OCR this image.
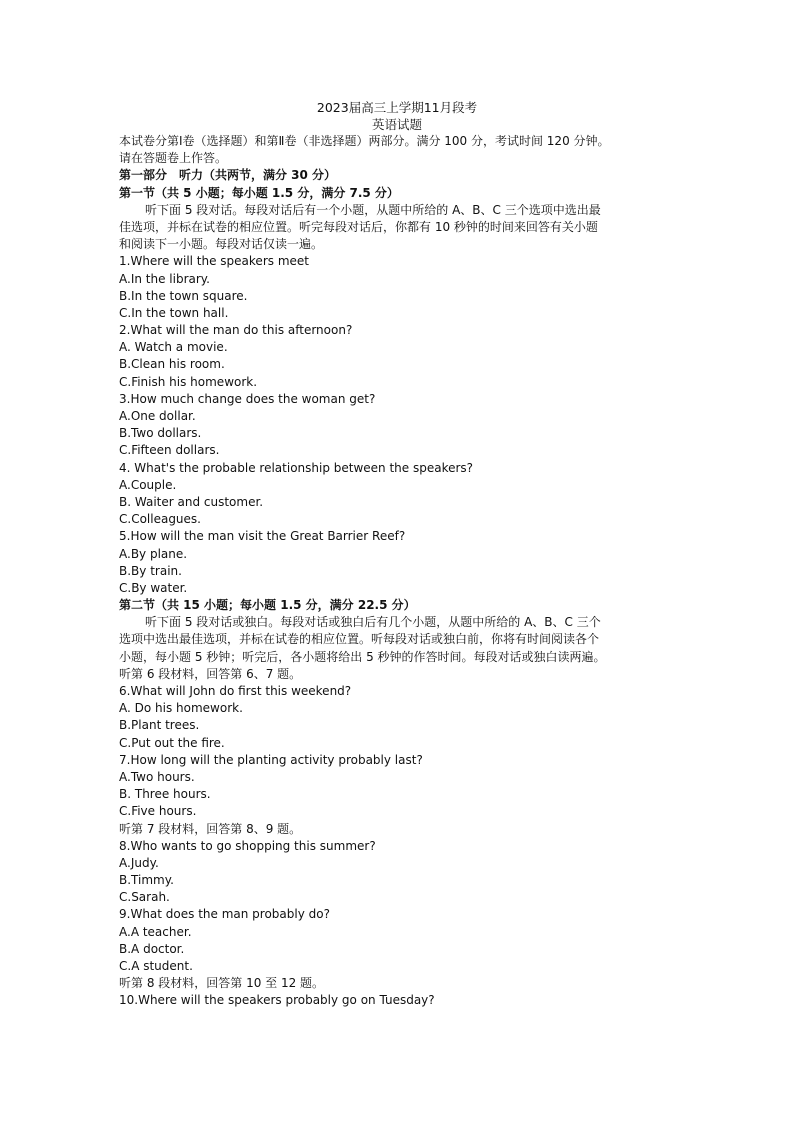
2023届高三上学期11月段考
英语试题
本试卷分第Ⅰ卷（选择题）和第Ⅱ卷（非选择题）两部分。满分 100 分，考试时间 120 分钟。
请在答题卷上作答。
第一部分　听力（共两节，满分 30 分）
第一节（共 5 小题；每小题 1.5 分，满分 7.5 分）
听下面 5 段对话。每段对话后有一个小题，从题中所给的 A、B、C 三个选项中选出最
佳选项，并标在试卷的相应位置。听完每段对话后，你都有 10 秒钟的时间来回答有关小题
和阅读下一小题。每段对话仅读一遍。
1.Where will the speakers meet
A.In the library.
B.In the town square.
C.In the town hall.
2.What will the man do this afternoon?
A. Watch a movie.
B.Clean his room.
C.Finish his homework.
3.How much change does the woman get?
A.One dollar.
B.Two dollars.
C.Fifteen dollars.
4. What's the probable relationship between the speakers?
A.Couple.
B. Waiter and customer.
C.Colleagues.
5.How will the man visit the Great Barrier Reef?
A.By plane.
B.By train.
C.By water.
第二节（共 15 小题；每小题 1.5 分，满分 22.5 分）
听下面 5 段对话或独白。每段对话或独白后有几个小题，从题中所给的 A、B、C 三个
选项中选出最佳选项，并标在试卷的相应位置。听每段对话或独白前，你将有时间阅读各个
小题，每小题 5 秒钟；听完后，各小题将给出 5 秒钟的作答时间。每段对话或独白读两遍。
听第 6 段材料，回答第 6、7 题。
6.What will John do first this weekend?
A. Do his homework.
B.Plant trees.
C.Put out the fire.
7.How long will the planting activity probably last?
A.Two hours.
B. Three hours.
C.Five hours.
听第 7 段材料，回答第 8、9 题。
8.Who wants to go shopping this summer?
A.Judy.
B.Timmy.
C.Sarah.
9.What does the man probably do?
A.A teacher.
B.A doctor.
C.A student.
听第 8 段材料，回答第 10 至 12 题。
10.Where will the speakers probably go on Tuesday?
